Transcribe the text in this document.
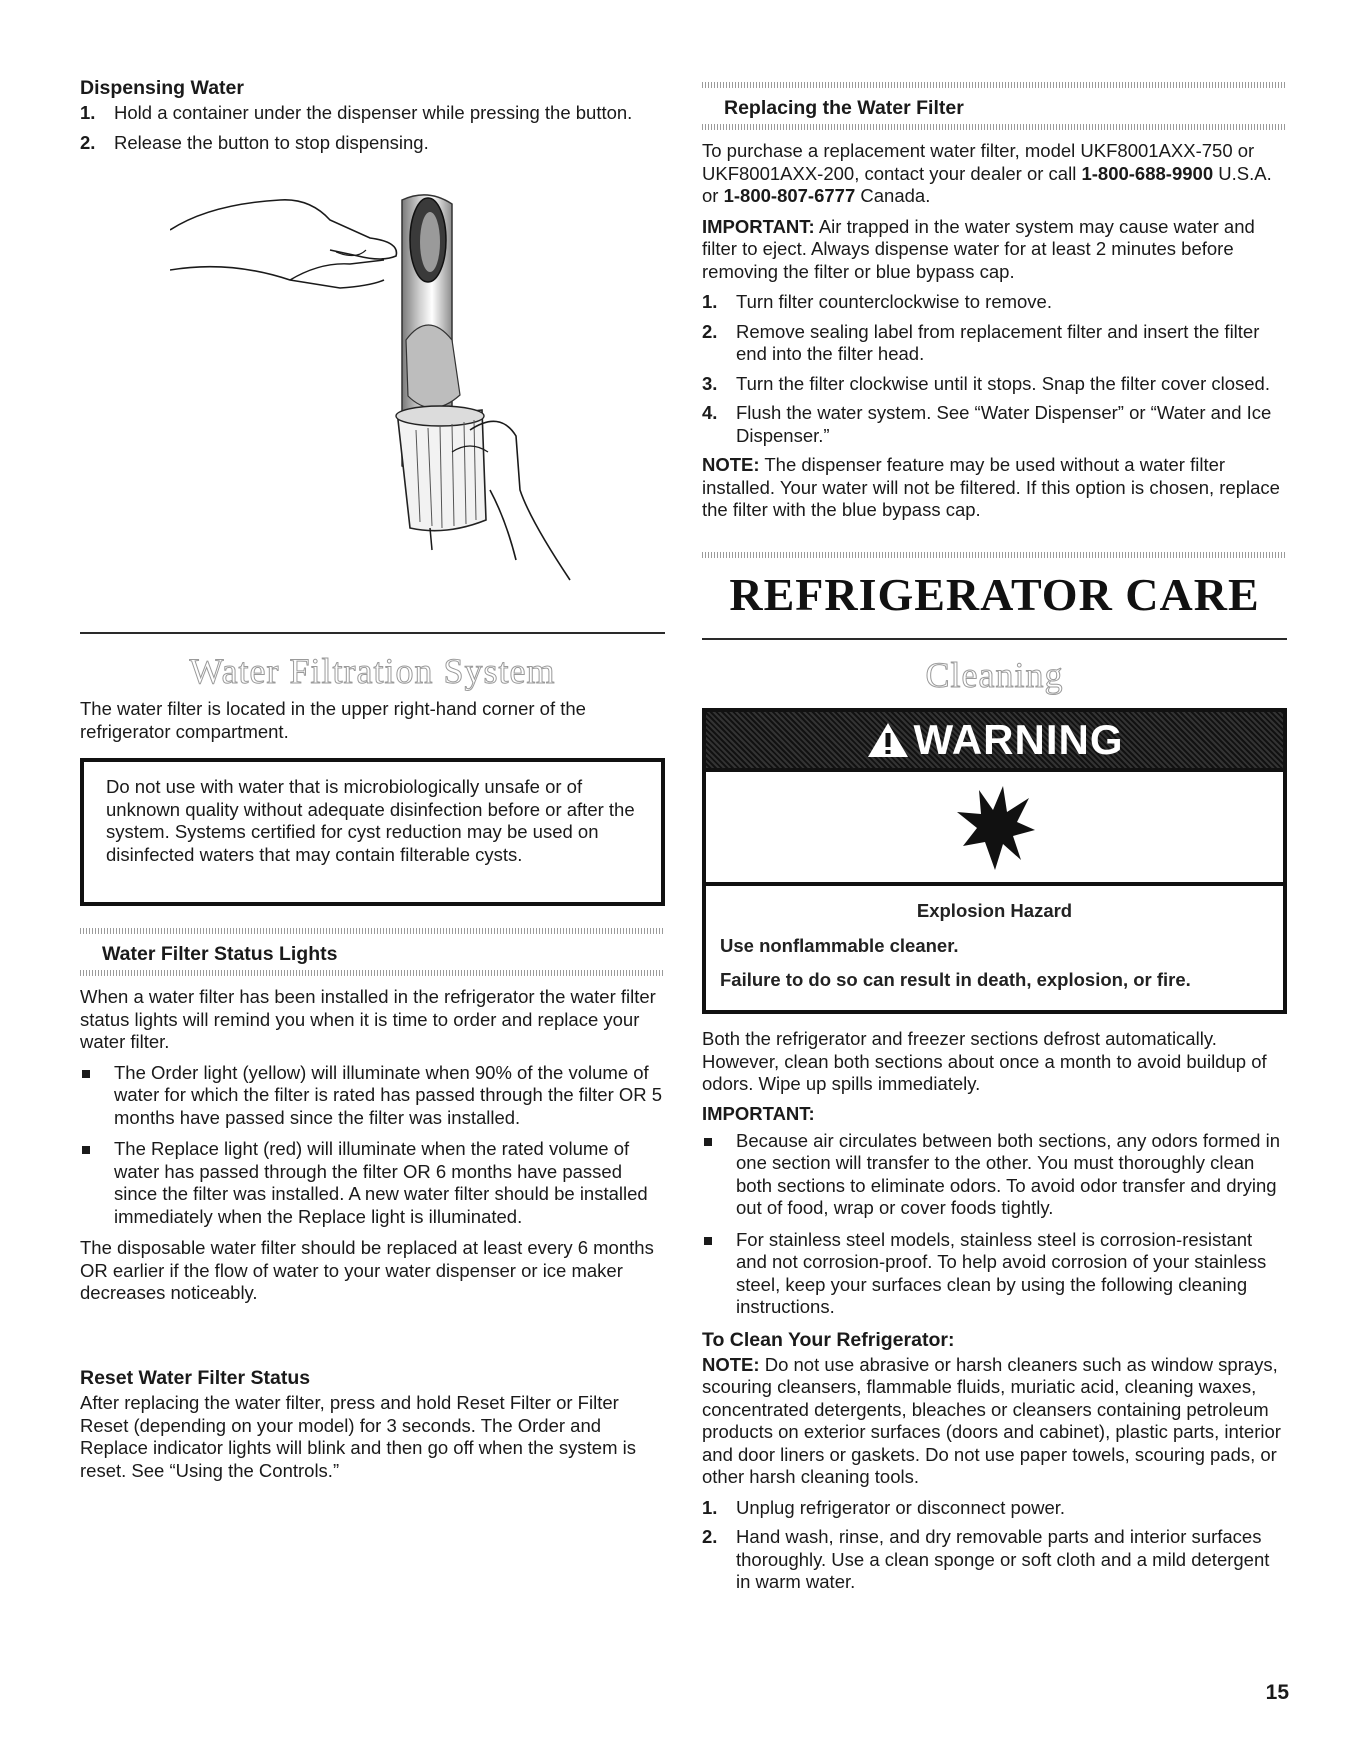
Dispensing Water
1. Hold a container under the dispenser while pressing the button.
2. Release the button to stop dispensing.
Water Filtration System

The water filter is located in the upper right-hand corner of the refrigerator compartment.

Do not use with water that is microbiologically unsafe or of unknown quality without adequate disinfection before or after the system. Systems certified for cyst reduction may be used on disinfected waters that may contain filterable cysts.

Water Filter Status Lights

When a water filter has been installed in the refrigerator the water filter status lights will remind you when it is time to order and replace your water filter.

The Order light (yellow) will illuminate when 90% of the volume of water for which the filter is rated has passed through the filter OR 5 months have passed since the filter was installed.
The Replace light (red) will illuminate when the rated volume of water has passed through the filter OR 6 months have passed since the filter was installed. A new water filter should be installed immediately when the Replace light is illuminated.

The disposable water filter should be replaced at least every 6 months OR earlier if the flow of water to your water dispenser or ice maker decreases noticeably.

Reset Water Filter Status

After replacing the water filter, press and hold Reset Filter or Filter Reset (depending on your model) for 3 seconds. The Order and Replace indicator lights will blink and then go off when the system is reset. See “Using the Controls.”

Replacing the Water Filter

To purchase a replacement water filter, model UKF8001AXX-750 or UKF8001AXX-200, contact your dealer or call 1-800-688-9900 U.S.A. or 1-800-807-6777 Canada.

IMPORTANT: Air trapped in the water system may cause water and filter to eject. Always dispense water for at least 2 minutes before removing the filter or blue bypass cap.

1. Turn filter counterclockwise to remove.
2. Remove sealing label from replacement filter and insert the filter end into the filter head.
3. Turn the filter clockwise until it stops. Snap the filter cover closed.
4. Flush the water system. See “Water Dispenser” or “Water and Ice Dispenser.”

NOTE: The dispenser feature may be used without a water filter installed. Your water will not be filtered. If this option is chosen, replace the filter with the blue bypass cap.

REFRIGERATOR CARE
Cleaning
WARNING
Explosion Hazard

Use nonflammable cleaner.

Failure to do so can result in death, explosion, or fire.

Both the refrigerator and freezer sections defrost automatically. However, clean both sections about once a month to avoid buildup of odors. Wipe up spills immediately.

IMPORTANT:
Because air circulates between both sections, any odors formed in one section will transfer to the other. You must thoroughly clean both sections to eliminate odors. To avoid odor transfer and drying out of food, wrap or cover foods tightly.
For stainless steel models, stainless steel is corrosion-resistant and not corrosion-proof. To help avoid corrosion of your stainless steel, keep your surfaces clean by using the following cleaning instructions.
To Clean Your Refrigerator:

NOTE: Do not use abrasive or harsh cleaners such as window sprays, scouring cleansers, flammable fluids, muriatic acid, cleaning waxes, concentrated detergents, bleaches or cleansers containing petroleum products on exterior surfaces (doors and cabinet), plastic parts, interior and door liners or gaskets. Do not use paper towels, scouring pads, or other harsh cleaning tools.

1. Unplug refrigerator or disconnect power.
2. Hand wash, rinse, and dry removable parts and interior surfaces thoroughly. Use a clean sponge or soft cloth and a mild detergent in warm water.
15
